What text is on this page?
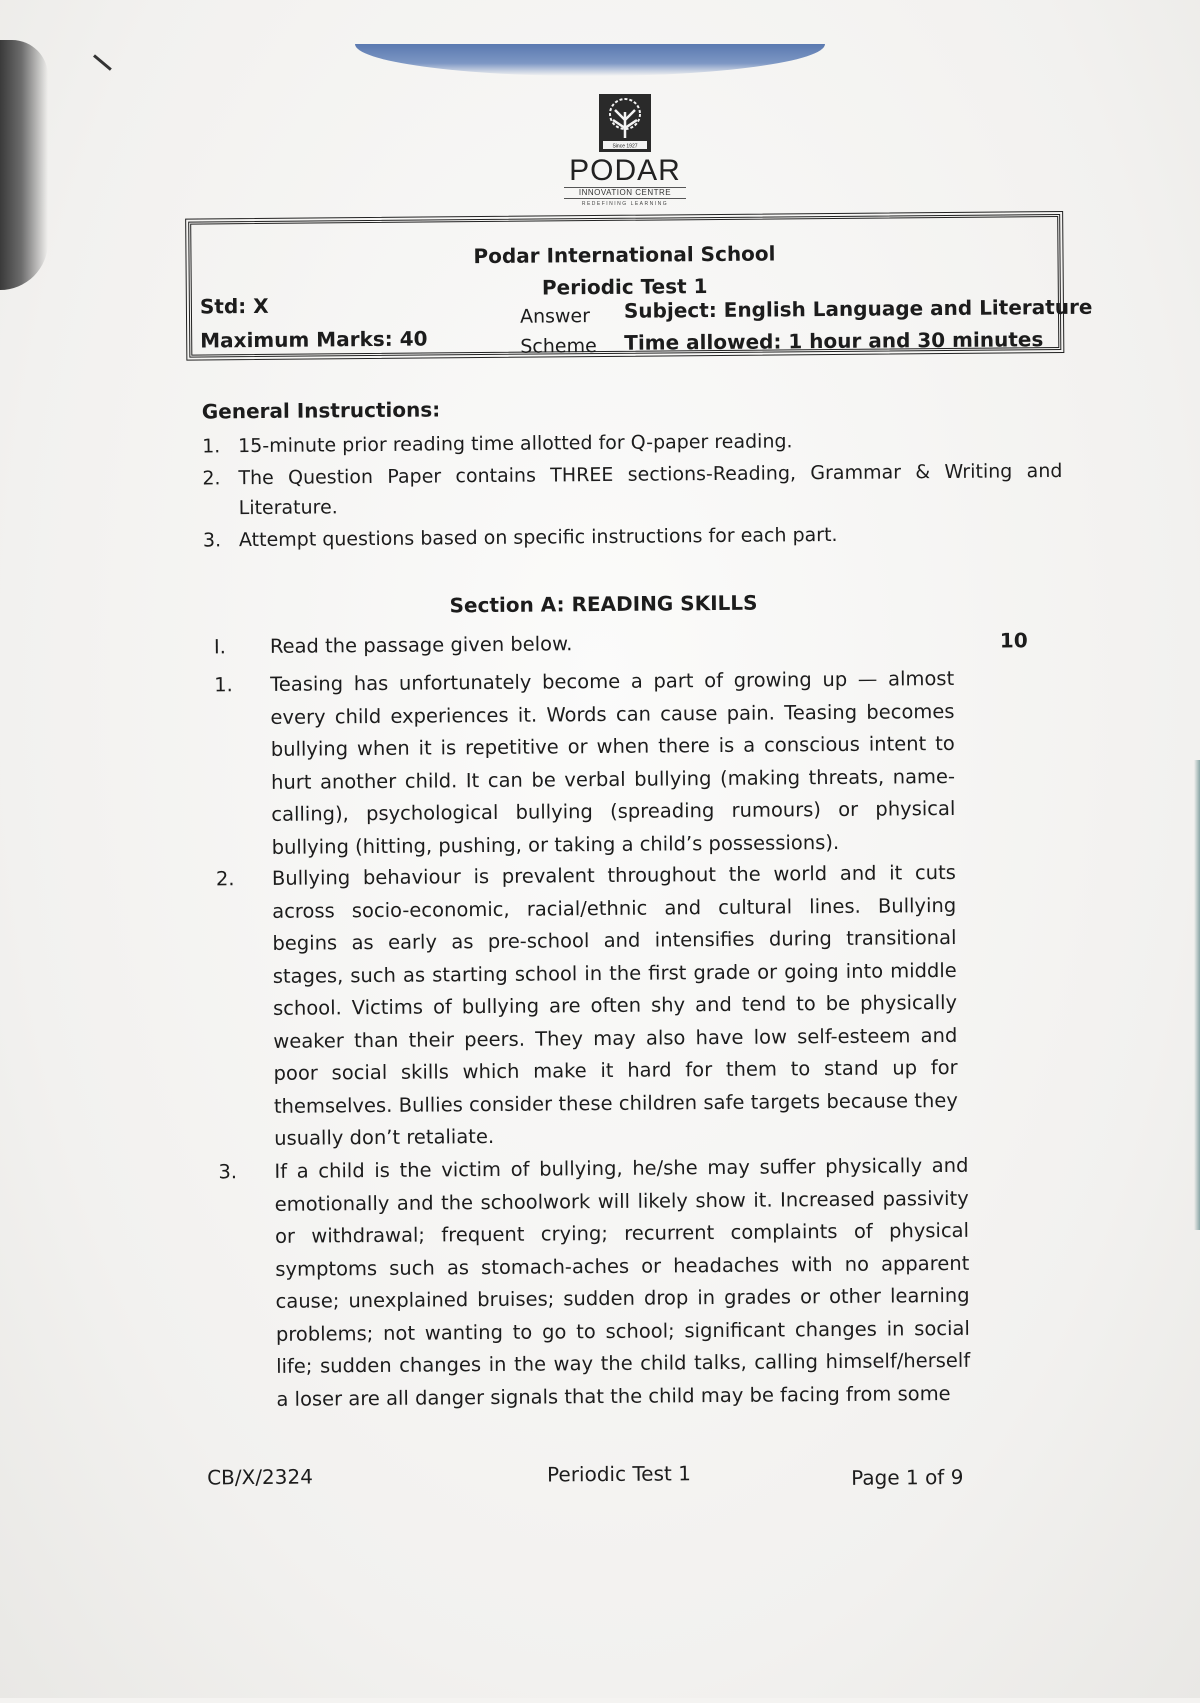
Since 1927
PODAR
INNOVATION CENTRE
REDEFINING LEARNING
Podar International School
Periodic Test 1
Std: X
Maximum Marks: 40
Answer
Scheme
Subject: English Language and Literature
Time allowed: 1 hour and 30 minutes
General Instructions:
1. 15-minute prior reading time allotted for Q-paper reading.
2. The Question Paper contains THREE sections-Reading, Grammar & Writing and Literature.
3. Attempt questions based on specific instructions for each part.
Section A: READING SKILLS
I. Read the passage given below.	10
1. Teasing has unfortunately become a part of growing up — almost every child experiences it. Words can cause pain. Teasing becomes bullying when it is repetitive or when there is a conscious intent to hurt another child. It can be verbal bullying (making threats, name-calling), psychological bullying (spreading rumours) or physical bullying (hitting, pushing, or taking a child’s possessions).
2. Bullying behaviour is prevalent throughout the world and it cuts across socio-economic, racial/ethnic and cultural lines. Bullying begins as early as pre-school and intensifies during transitional stages, such as starting school in the first grade or going into middle school. Victims of bullying are often shy and tend to be physically weaker than their peers. They may also have low self-esteem and poor social skills which make it hard for them to stand up for themselves. Bullies consider these children safe targets because they usually don’t retaliate.
3. If a child is the victim of bullying, he/she may suffer physically and emotionally and the schoolwork will likely show it. Increased passivity or withdrawal; frequent crying; recurrent complaints of physical symptoms such as stomach-aches or headaches with no apparent cause; unexplained bruises; sudden drop in grades or other learning problems; not wanting to go to school; significant changes in social life; sudden changes in the way the child talks, calling himself/herself a loser are all danger signals that the child may be facing from some
CB/X/2324	Periodic Test 1	Page 1 of 9
